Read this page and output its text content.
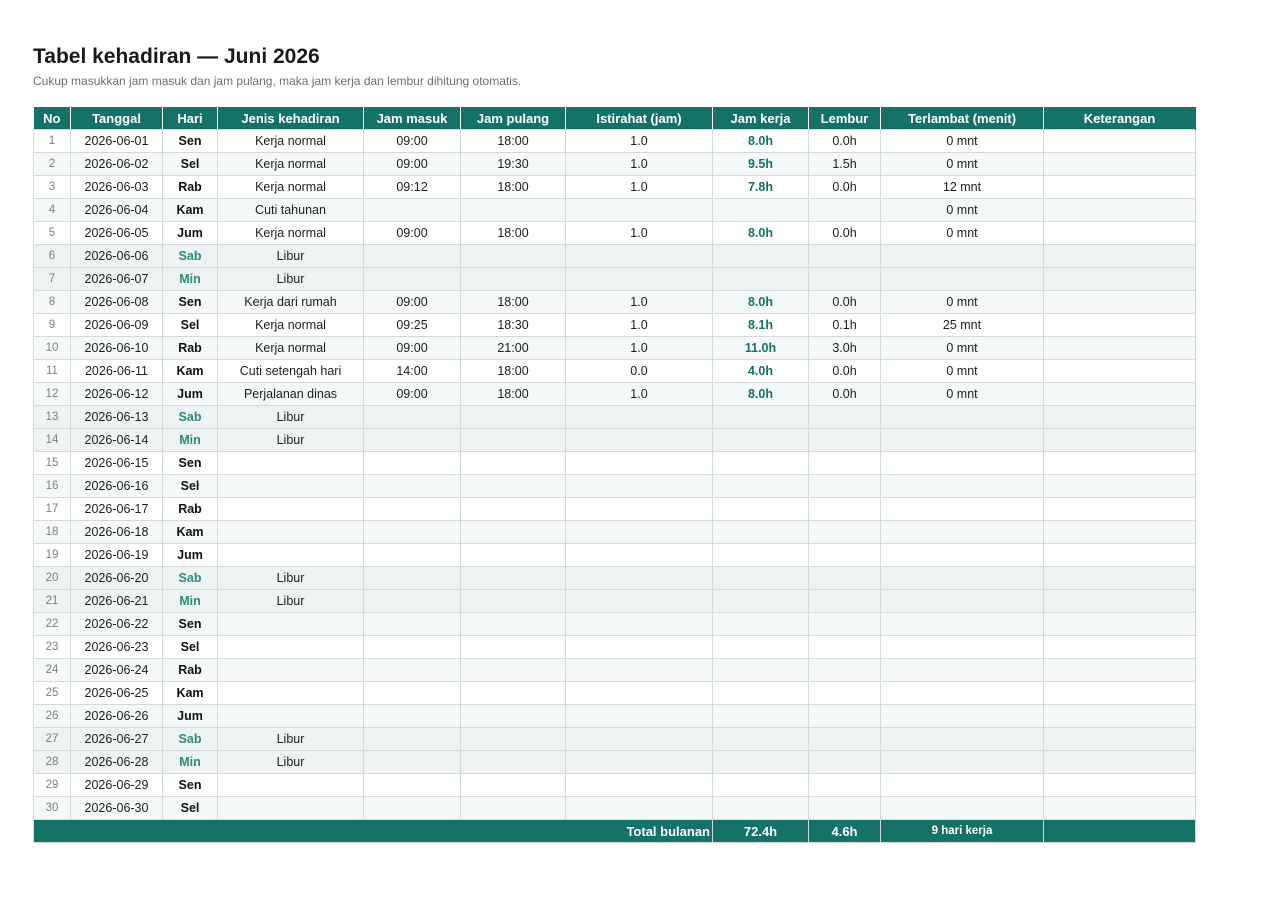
Tabel kehadiran — Juni 2026
Cukup masukkan jam masuk dan jam pulang, maka jam kerja dan lembur dihitung otomatis.
No	Tanggal	Hari	Jenis kehadiran	Jam masuk	Jam pulang	Istirahat (jam)	Jam kerja	Lembur	Terlambat (menit)	Keterangan
1	2026-06-01	Sen	Kerja normal	09:00	18:00	1.0	8.0h	0.0h	0 mnt	
2	2026-06-02	Sel	Kerja normal	09:00	19:30	1.0	9.5h	1.5h	0 mnt	
3	2026-06-03	Rab	Kerja normal	09:12	18:00	1.0	7.8h	0.0h	12 mnt	
4	2026-06-04	Kam	Cuti tahunan						0 mnt	
5	2026-06-05	Jum	Kerja normal	09:00	18:00	1.0	8.0h	0.0h	0 mnt	
6	2026-06-06	Sab	Libur							
7	2026-06-07	Min	Libur							
8	2026-06-08	Sen	Kerja dari rumah	09:00	18:00	1.0	8.0h	0.0h	0 mnt	
9	2026-06-09	Sel	Kerja normal	09:25	18:30	1.0	8.1h	0.1h	25 mnt	
10	2026-06-10	Rab	Kerja normal	09:00	21:00	1.0	11.0h	3.0h	0 mnt	
11	2026-06-11	Kam	Cuti setengah hari	14:00	18:00	0.0	4.0h	0.0h	0 mnt	
12	2026-06-12	Jum	Perjalanan dinas	09:00	18:00	1.0	8.0h	0.0h	0 mnt	
13	2026-06-13	Sab	Libur							
14	2026-06-14	Min	Libur							
15	2026-06-15	Sen								
16	2026-06-16	Sel								
17	2026-06-17	Rab								
18	2026-06-18	Kam								
19	2026-06-19	Jum								
20	2026-06-20	Sab	Libur							
21	2026-06-21	Min	Libur							
22	2026-06-22	Sen								
23	2026-06-23	Sel								
24	2026-06-24	Rab								
25	2026-06-25	Kam								
26	2026-06-26	Jum								
27	2026-06-27	Sab	Libur							
28	2026-06-28	Min	Libur							
29	2026-06-29	Sen								
30	2026-06-30	Sel								
Total bulanan							72.4h	4.6h	9 hari kerja	
